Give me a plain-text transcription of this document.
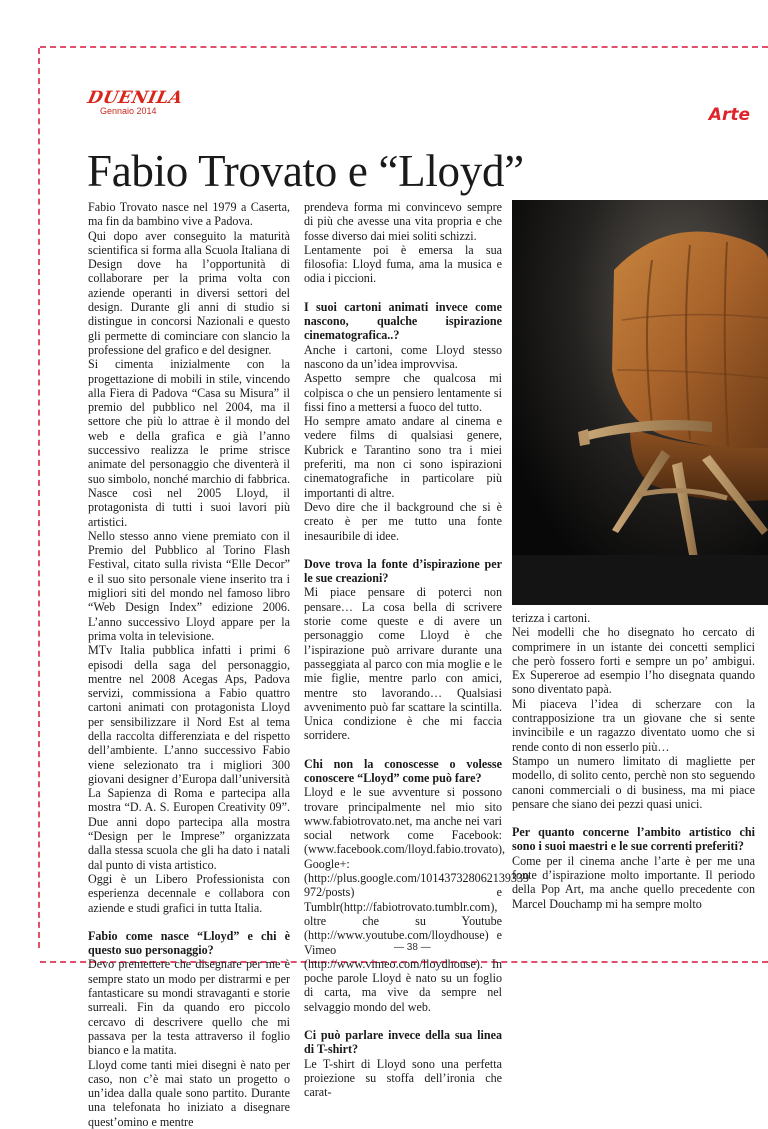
DUENILA
Gennaio 2014	Arte
Fabio Trovato e “Lloyd”

Fabio Trovato nasce nel 1979 a Caserta, ma fin da bambino vive a Padova.

Qui dopo aver conseguito la maturità scientifica si forma alla Scuola Italiana di Design dove ha l’opportunità di collaborare per la prima volta con aziende operanti in diversi settori del design. Durante gli anni di studio si distingue in concorsi Nazionali e questo gli permette di cominciare con slancio la professione del grafico e del designer.

Si cimenta inizialmente con la progettazione di mobili in stile, vincendo alla Fiera di Padova “Casa su Misura” il premio del pubblico nel 2004, ma il settore che più lo attrae è il mondo del web e della grafica e già l’anno successivo realizza le prime strisce animate del personaggio che diventerà il suo simbolo, nonché marchio di fabbrica. Nasce così nel 2005 Lloyd, il protagonista di tutti i suoi lavori più artistici.

Nello stesso anno viene premiato con il Premio del Pubblico al Torino Flash Festival, citato sulla rivista “Elle Decor” e il suo sito personale viene inserito tra i migliori siti del mondo nel famoso libro “Web Design Index” edizione 2006. L’anno successivo Lloyd appare per la prima volta in televisione.

MTv Italia pubblica infatti i primi 6 episodi della saga del personaggio, mentre nel 2008 Acegas Aps, Padova servizi, commissiona a Fabio quattro cartoni animati con protagonista Lloyd per sensibilizzare il Nord Est al tema della raccolta differenziata e del rispetto dell’ambiente. L’anno successivo Fabio viene selezionato tra i migliori 300 giovani designer d’Europa dall’università La Sapienza di Roma e partecipa alla mostra “D. A. S. Europen Creativity 09”. Due anni dopo partecipa alla mostra “Design per le Imprese” organizzata dalla stessa scuola che gli ha dato i natali dal punto di vista artistico.

Oggi è un Libero Professionista con esperienza decennale e collabora con aziende e studi grafici in tutta Italia.

Fabio come nasce “Lloyd” e chi è questo suo personaggio?

Devo premettere che disegnare per me è sempre stato un modo per distrarmi e per fantasticare su mondi stravaganti e storie surreali. Fin da quando ero piccolo cercavo di descrivere quello che mi passava per la testa attraverso il foglio bianco e la matita.

Lloyd come tanti miei disegni è nato per caso, non c’è mai stato un progetto o un’idea dalla quale sono partito. Durante una telefonata ho iniziato a disegnare quest’omino e mentre

prendeva forma mi convincevo sempre di più che avesse una vita propria e che fosse diverso dai miei soliti schizzi.

Lentamente poi è emersa la sua filosofia: Lloyd fuma, ama la musica e odia i piccioni.

I suoi cartoni animati invece come nascono, qualche ispirazione cinematografica..?

Anche i cartoni, come Lloyd stesso nascono da un’idea improvvisa.

Aspetto sempre che qualcosa mi colpisca o che un pensiero lentamente si fissi fino a mettersi a fuoco del tutto.

Ho sempre amato andare al cinema e vedere films di qualsiasi genere, Kubrick e Tarantino sono tra i miei preferiti, ma non ci sono ispirazioni cinematografiche in particolare più importanti di altre.

Devo dire che il background che si è creato è per me tutto una fonte inesauribile di idee.

Dove trova la fonte d’ispirazione per le sue creazioni?

Mi piace pensare di poterci non pensare… La cosa bella di scrivere storie come queste e di avere un personaggio come Lloyd è che l’ispirazione può arrivare durante una passeggiata al parco con mia moglie e le mie figlie, mentre parlo con amici, mentre sto lavorando… Qualsiasi avvenimento può far scattare la scintilla. Unica condizione è che mi faccia sorridere.

Chi non la conoscesse o volesse conoscere “Lloyd” come può fare?

Lloyd e le sue avventure si possono trovare principalmente nel mio sito www.fabiotrovato.net, ma anche nei vari social network come Facebook: (www.facebook.com/lloyd.fabio.trovato), Google+: (http://plus.google.com/101437328062139339 972/posts) e Tumblr(http://fabiotrovato.tumblr.com), oltre che su Youtube (http://www.youtube.com/lloydhouse) e Vimeo (http://www.vimeo.com/lloydhouse). In poche parole Lloyd è nato su un foglio di carta, ma vive da sempre nel selvaggio mondo del web.

Ci può parlare invece della sua linea di T-shirt?

Le T-shirt di Lloyd sono una perfetta proiezione su stoffa dell’ironia che carat-

terizza i cartoni.

Nei modelli che ho disegnato ho cercato di comprimere in un istante dei concetti semplici che però fossero forti e sempre un po’ ambigui. Ex Supereroe ad esempio l’ho disegnata quando sono diventato papà.

Mi piaceva l’idea di scherzare con la contrapposizione tra un giovane che si sente invincibile e un ragazzo diventato uomo che si rende conto di non esserlo più…

Stampo un numero limitato di magliette per modello, di solito cento, perchè non sto seguendo canoni commerciali o di business, ma mi piace pensare che siano dei pezzi quasi unici.

Per quanto concerne l’ambito artistico chi sono i suoi maestri e le sue correnti preferiti?

Come per il cinema anche l’arte è per me una fonte d’ispirazione molto importante. Il periodo della Pop Art, ma anche quello precedente con Marcel Douchamp mi ha sempre molto

— 38 —
